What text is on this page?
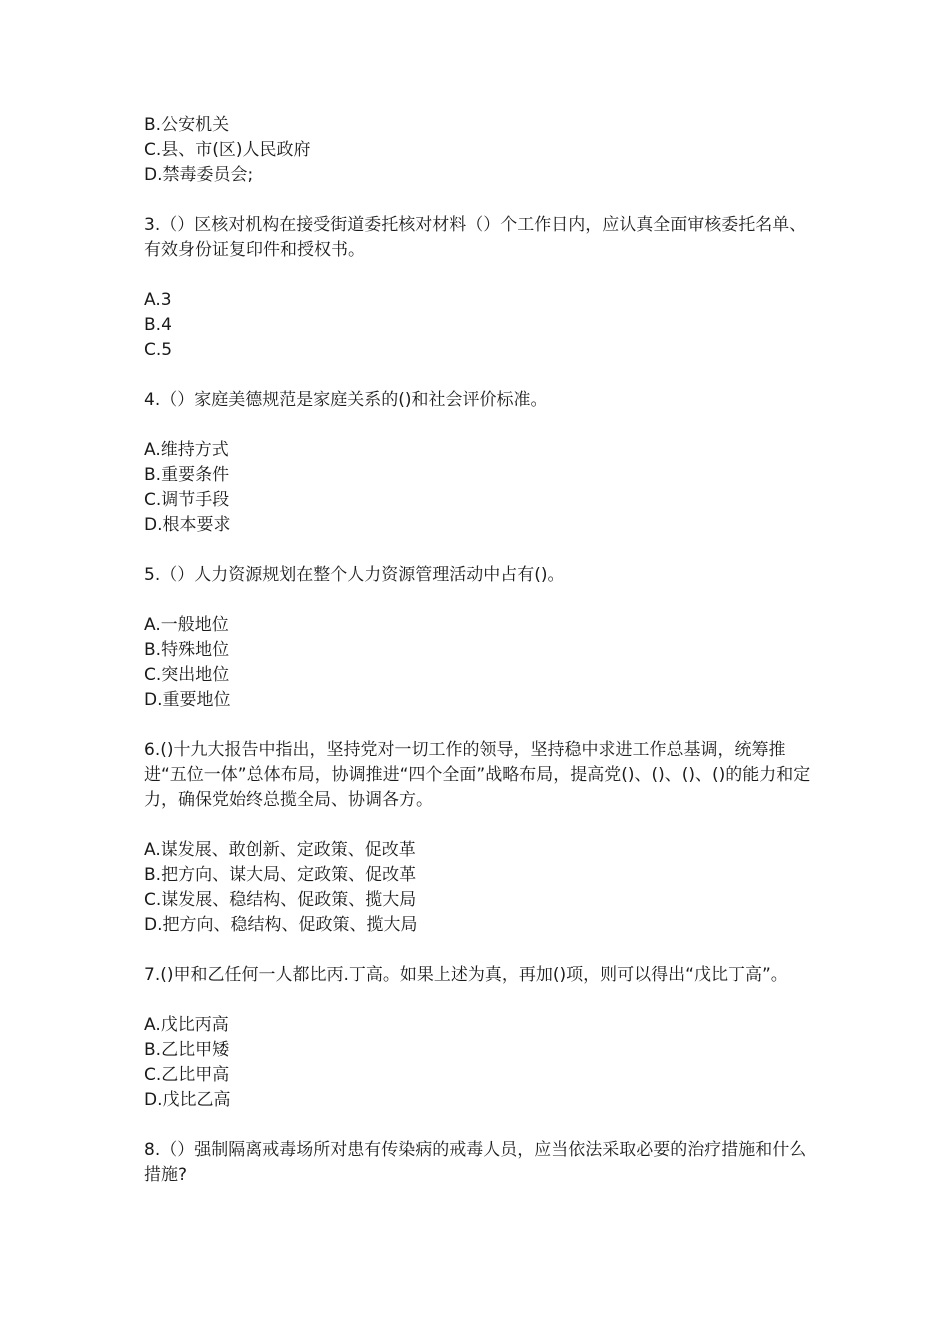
B.公安机关
C.县、市(区)人民政府
D.禁毒委员会;

3.（）区核对机构在接受街道委托核对材料（）个工作日内，应认真全面审核委托名单、有效身份证复印件和授权书。

A.3
B.4
C.5

4.（）家庭美德规范是家庭关系的()和社会评价标准。

A.维持方式
B.重要条件
C.调节手段
D.根本要求

5.（）人力资源规划在整个人力资源管理活动中占有()。

A.一般地位
B.特殊地位
C.突出地位
D.重要地位

6.()十九大报告中指出，坚持党对一切工作的领导，坚持稳中求进工作总基调，统筹推进“五位一体”总体布局，协调推进“四个全面”战略布局，提高党()、()、()、()的能力和定力，确保党始终总揽全局、协调各方。

A.谋发展、敢创新、定政策、促改革
B.把方向、谋大局、定政策、促改革
C.谋发展、稳结构、促政策、揽大局
D.把方向、稳结构、促政策、揽大局

7.()甲和乙任何一人都比丙.丁高。如果上述为真，再加()项，则可以得出“戊比丁高”。

A.戊比丙高
B.乙比甲矮
C.乙比甲高
D.戊比乙高

8.（）强制隔离戒毒场所对患有传染病的戒毒人员，应当依法采取必要的治疗措施和什么措施?
